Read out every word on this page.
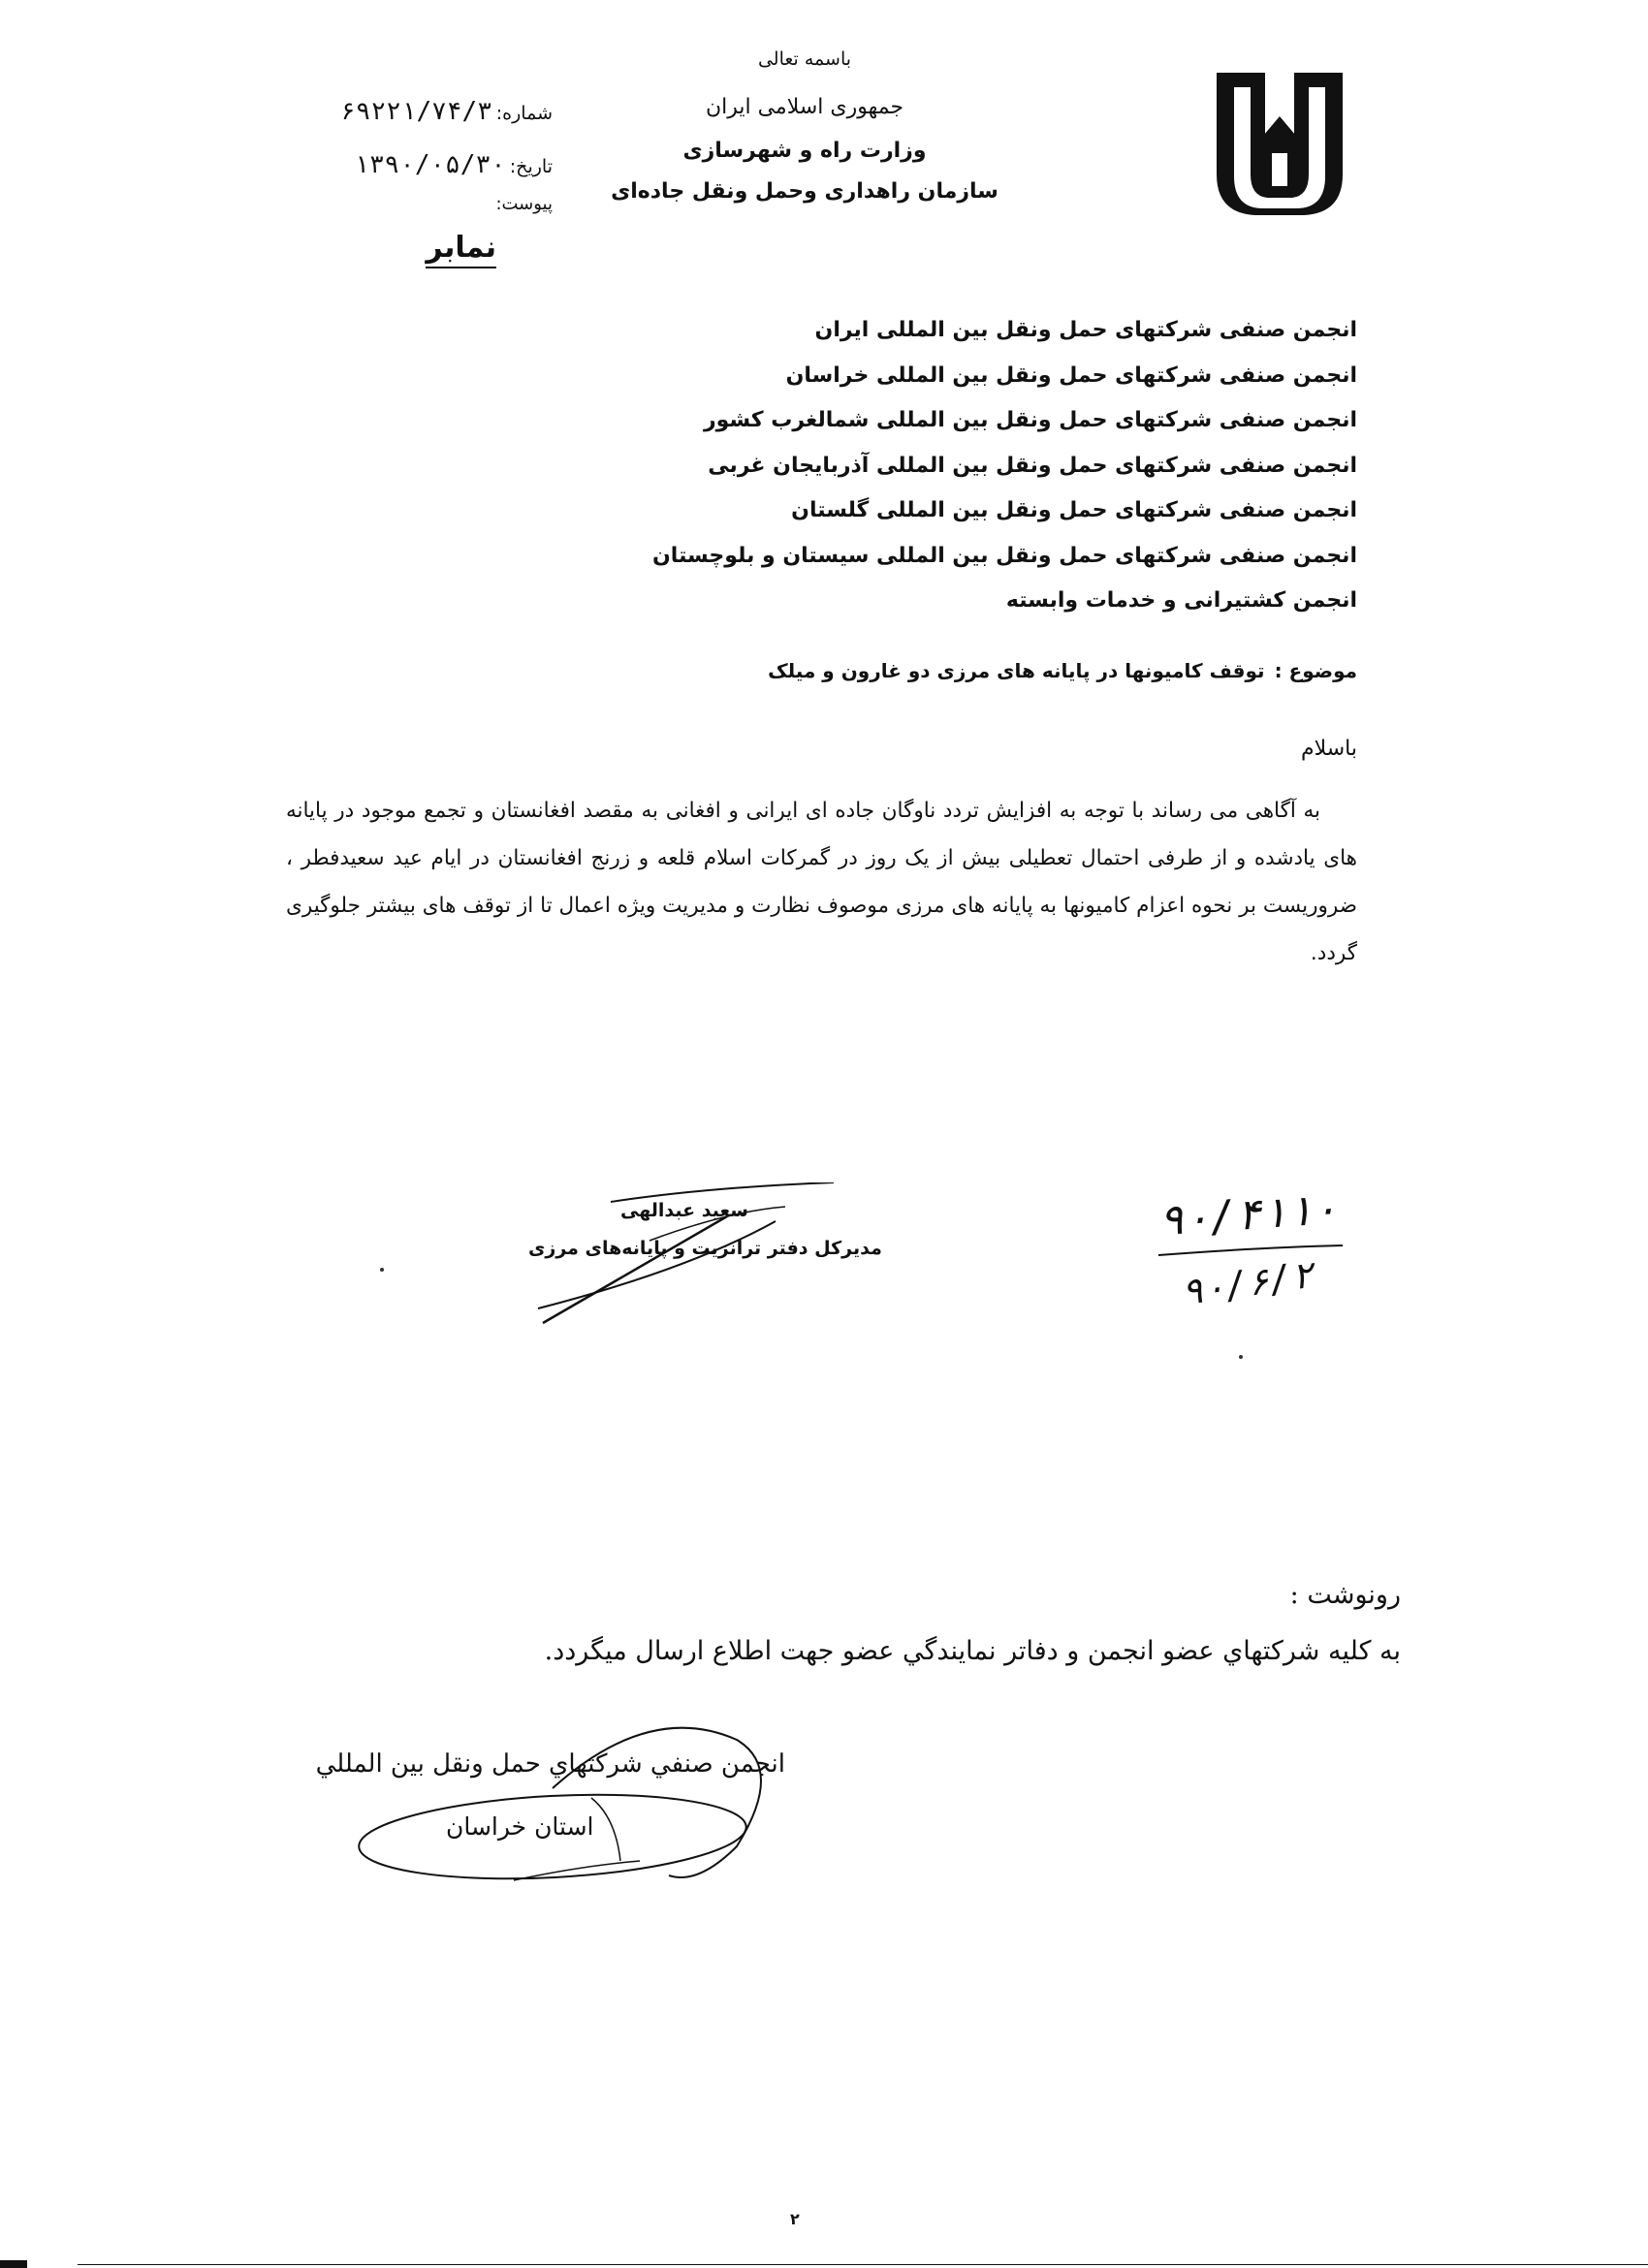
باسمه تعالی
جمهوری اسلامی ایران
وزارت راه و شهرسازی
سازمان راهداری وحمل ونقل جاده‌ای
شماره:۶۹۲۲۱/۷۴/۳
تاریخ:۱۳۹۰/۰۵/۳۰
پیوست:
نمابر
انجمن صنفی شرکتهای حمل ونقل بین المللی ایران
انجمن صنفی شرکتهای حمل ونقل بین المللی خراسان
انجمن صنفی شرکتهای حمل ونقل بین المللی شمالغرب کشور
انجمن صنفی شرکتهای حمل ونقل بین المللی آذربایجان غربی
انجمن صنفی شرکتهای حمل ونقل بین المللی گلستان
انجمن صنفی شرکتهای حمل ونقل بین المللی سیستان و بلوچستان
انجمن کشتیرانی و خدمات وابسته
موضوع :توقف کامیونها در پایانه های مرزی دو غارون و میلک
باسلام

به آگاهی می رساند با توجه به افزایش تردد ناوگان جاده ای ایرانی و افغانی به مقصد افغانستان و تجمع موجود در پایانه های یادشده و از طرفی احتمال تعطیلی بیش از یک روز در گمرکات اسلام قلعه و زرنج افغانستان در ایام عید سعیدفطر ، ضروریست بر نحوه اعزام کامیونها به پایانه های مرزی موصوف نظارت و مدیریت ویژه اعمال تا از توقف های بیشتر جلوگیری گردد.

سعید عبدالهی
مدیرکل دفتر ترانزیت و پایانه‌های مرزی
۹۰/۴۱۱۰
۹۰/۶/۲
رونوشت :
به کليه شرکتهاي عضو انجمن و دفاتر نمايندگي عضو جهت اطلاع ارسال ميگردد.
انجمن صنفي شرکتهاي حمل ونقل بين المللي
استان خراسان
۲
